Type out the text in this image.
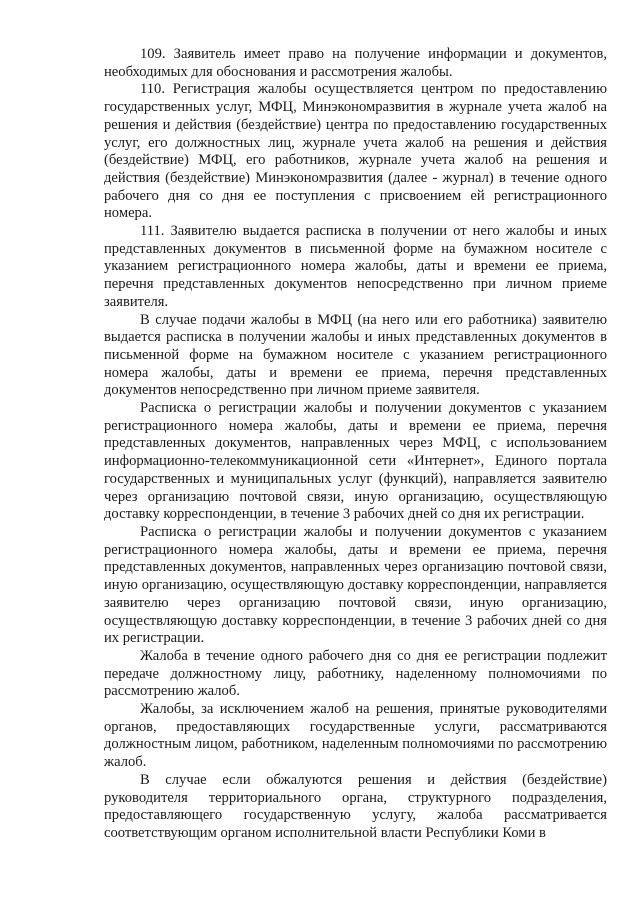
109. Заявитель имеет право на получение информации и документов, необходимых для обоснования и рассмотрения жалобы.

110. Регистрация жалобы осуществляется центром по предоставлению государственных услуг, МФЦ, Минэкономразвития в журнале учета жалоб на решения и действия (бездействие) центра по предоставлению государственных услуг, его должностных лиц, журнале учета жалоб на решения и действия (бездействие) МФЦ, его работников, журнале учета жалоб на решения и действия (бездействие) Минэкономразвития (далее - журнал) в течение одного рабочего дня со дня ее поступления с присвоением ей регистрационного номера.

111. Заявителю выдается расписка в получении от него жалобы и иных представленных документов в письменной форме на бумажном носителе с указанием регистрационного номера жалобы, даты и времени ее приема, перечня представленных документов непосредственно при личном приеме заявителя.

В случае подачи жалобы в МФЦ (на него или его работника) заявителю выдается расписка в получении жалобы и иных представленных документов в письменной форме на бумажном носителе с указанием регистрационного номера жалобы, даты и времени ее приема, перечня представленных документов непосредственно при личном приеме заявителя.

Расписка о регистрации жалобы и получении документов с указанием регистрационного номера жалобы, даты и времени ее приема, перечня представленных документов, направленных через МФЦ, с использованием информационно-телекоммуникационной сети «Интернет», Единого портала государственных и муниципальных услуг (функций), направляется заявителю через организацию почтовой связи, иную организацию, осуществляющую доставку корреспонденции, в течение 3 рабочих дней со дня их регистрации.

Расписка о регистрации жалобы и получении документов с указанием регистрационного номера жалобы, даты и времени ее приема, перечня представленных документов, направленных через организацию почтовой связи, иную организацию, осуществляющую доставку корреспонденции, направляется заявителю через организацию почтовой связи, иную организацию, осуществляющую доставку корреспонденции, в течение 3 рабочих дней со дня их регистрации.

Жалоба в течение одного рабочего дня со дня ее регистрации подлежит передаче должностному лицу, работнику, наделенному полномочиями по рассмотрению жалоб.

Жалобы, за исключением жалоб на решения, принятые руководителями органов, предоставляющих государственные услуги, рассматриваются должностным лицом, работником, наделенным полномочиями по рассмотрению жалоб.

В случае если обжалуются решения и действия (бездействие) руководителя территориального органа, структурного подразделения, предоставляющего государственную услугу, жалоба рассматривается соответствующим органом исполнительной власти Республики Коми в
